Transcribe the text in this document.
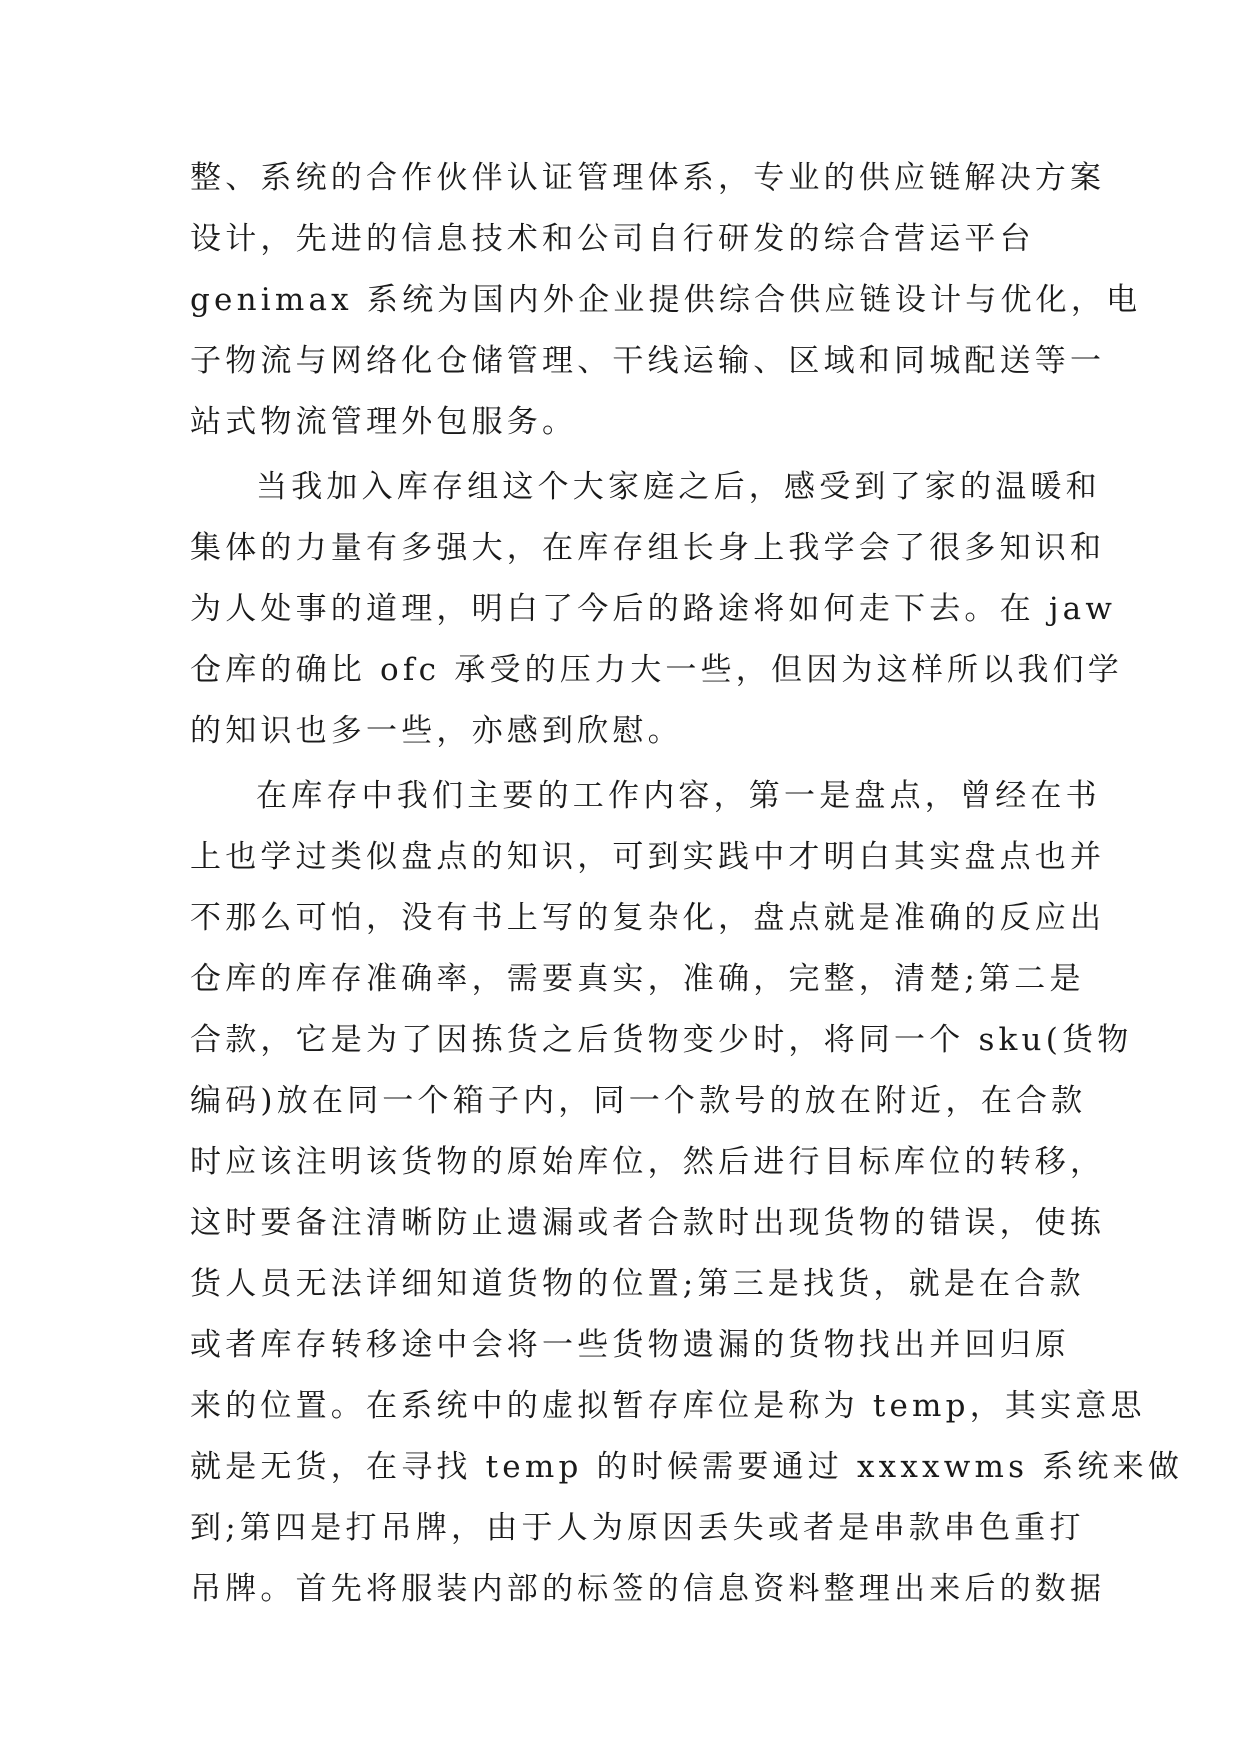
整、系统的合作伙伴认证管理体系，专业的供应链解决方案
设计，先进的信息技术和公司自行研发的综合营运平台
genimax 系统为国内外企业提供综合供应链设计与优化，电
子物流与网络化仓储管理、干线运输、区域和同城配送等一
站式物流管理外包服务。
当我加入库存组这个大家庭之后，感受到了家的温暖和
集体的力量有多强大，在库存组长身上我学会了很多知识和
为人处事的道理，明白了今后的路途将如何走下去。在 jaw
仓库的确比 ofc 承受的压力大一些，但因为这样所以我们学
的知识也多一些，亦感到欣慰。
在库存中我们主要的工作内容，第一是盘点，曾经在书
上也学过类似盘点的知识，可到实践中才明白其实盘点也并
不那么可怕，没有书上写的复杂化，盘点就是准确的反应出
仓库的库存准确率，需要真实，准确，完整，清楚;第二是
合款，它是为了因拣货之后货物变少时，将同一个 sku(货物
编码)放在同一个箱子内，同一个款号的放在附近，在合款
时应该注明该货物的原始库位，然后进行目标库位的转移，
这时要备注清晰防止遗漏或者合款时出现货物的错误，使拣
货人员无法详细知道货物的位置;第三是找货，就是在合款
或者库存转移途中会将一些货物遗漏的货物找出并回归原
来的位置。在系统中的虚拟暂存库位是称为 temp，其实意思
就是无货，在寻找 temp 的时候需要通过 xxxxwms 系统来做
到;第四是打吊牌，由于人为原因丢失或者是串款串色重打
吊牌。首先将服装内部的标签的信息资料整理出来后的数据
